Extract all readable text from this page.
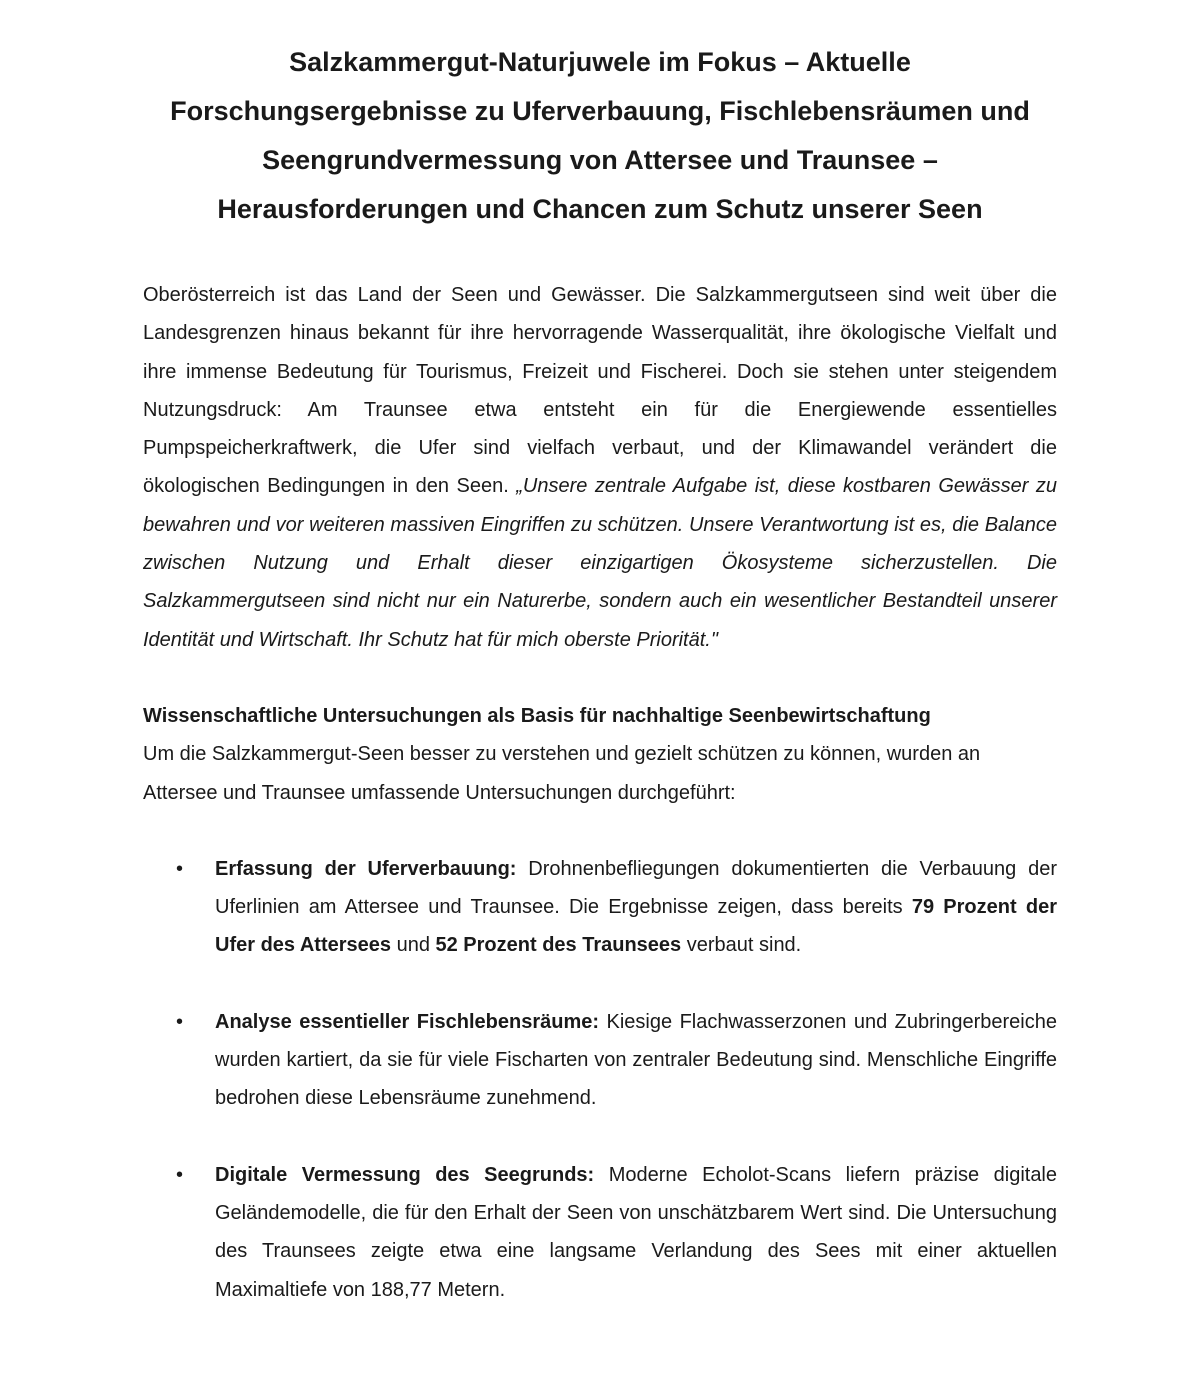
Salzkammergut-Naturjuwele im Fokus – Aktuelle
Forschungsergebnisse zu Uferverbauung, Fischlebensräumen und
Seengrundvermessung von Attersee und Traunsee –
Herausforderungen und Chancen zum Schutz unserer Seen

Oberösterreich ist das Land der Seen und Gewässer. Die Salzkammergutseen sind weit über die Landesgrenzen hinaus bekannt für ihre hervorragende Wasserqualität, ihre ökologische Vielfalt und ihre immense Bedeutung für Tourismus, Freizeit und Fischerei. Doch sie stehen unter steigendem Nutzungsdruck: Am Traunsee etwa entsteht ein für die Energiewende essentielles Pumpspeicherkraftwerk, die Ufer sind vielfach verbaut, und der Klimawandel verändert die ökologischen Bedingungen in den Seen. „Unsere zentrale Aufgabe ist, diese kostbaren Gewässer zu bewahren und vor weiteren massiven Eingriffen zu schützen. Unsere Verantwortung ist es, die Balance zwischen Nutzung und Erhalt dieser einzigartigen Ökosysteme sicherzustellen. Die Salzkammergutseen sind nicht nur ein Naturerbe, sondern auch ein wesentlicher Bestandteil unserer Identität und Wirtschaft. Ihr Schutz hat für mich oberste Priorität."

Wissenschaftliche Untersuchungen als Basis für nachhaltige Seenbewirtschaftung

Um die Salzkammergut-Seen besser zu verstehen und gezielt schützen zu können, wurden an Attersee und Traunsee umfassende Untersuchungen durchgeführt:

• Erfassung der Uferverbauung: Drohnenbefliegungen dokumentierten die Verbauung der Uferlinien am Attersee und Traunsee. Die Ergebnisse zeigen, dass bereits 79 Prozent der Ufer des Attersees und 52 Prozent des Traunsees verbaut sind.
• Analyse essentieller Fischlebensräume: Kiesige Flachwasserzonen und Zubringerbereiche wurden kartiert, da sie für viele Fischarten von zentraler Bedeutung sind. Menschliche Eingriffe bedrohen diese Lebensräume zunehmend.
• Digitale Vermessung des Seegrunds: Moderne Echolot-Scans liefern präzise digitale Geländemodelle, die für den Erhalt der Seen von unschätzbarem Wert sind. Die Untersuchung des Traunsees zeigte etwa eine langsame Verlandung des Sees mit einer aktuellen Maximaltiefe von 188,77 Metern.
